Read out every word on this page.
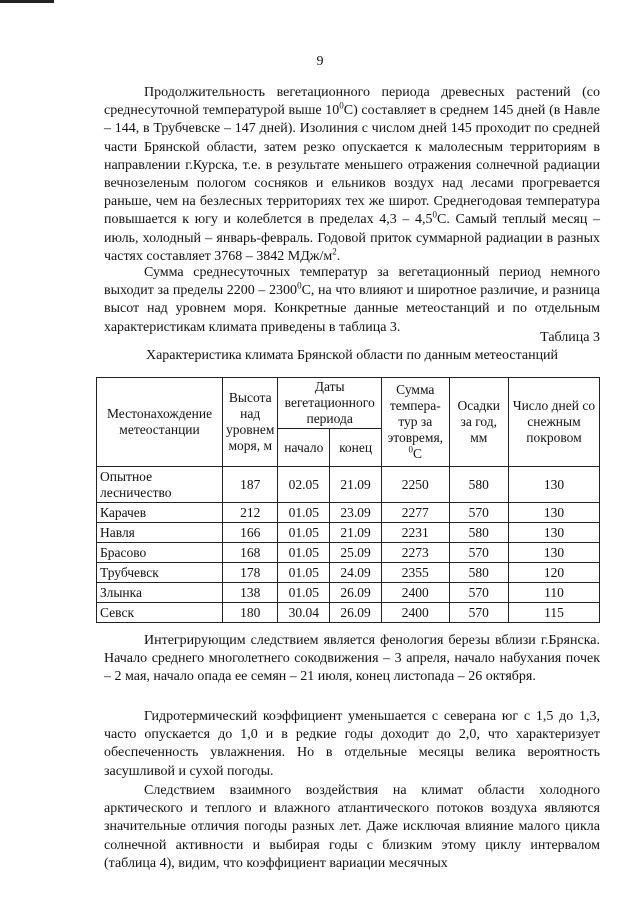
9

Продолжительность вегетационного периода древесных растений (со среднесуточной температурой выше $10^0С$) составляет в среднем 145 дней (в Навле – 144, в Трубчевске – 147 дней). Изолиния с числом дней 145 проходит по средней части Брянской области, затем резко опускается к малолесным территориям в направлении г.Курска, т.е. в результате меньшего отражения солнечной радиации вечнозеленым пологом сосняков и ельников воздух над лесами прогревается раньше, чем на безлесных территориях тех же широт. Среднегодовая температура повышается к югу и колеблется в пределах $4,3 - 4,5^0С$. Самый теплый месяц – июль, холодный – январь-февраль. Годовой приток суммарной радиации в разных частях составляет 3768 – 3842 МДж/$м^2$.

Сумма среднесуточных температур за вегетационный период немного выходит за пределы 2200 – 2300$^0$С, на что влияют и широтное различие, и разница высот над уровнем моря. Конкретные данные метеостанций и по отдельным характеристикам климата приведены в таблица 3.

Таблица 3
Характеристика климата Брянской области по данным метеостанций
Местонахождение метеостанции	Высота над уровнем моря, м	Даты вегетационного периода		Сумма темпера-тур за этовремя, $^0$С	Осадки за год, мм	Число дней со снежным покровом
		начало	конец			
Опытное лесничество	187	02.05	21.09	2250	580	130
Карачев	212	01.05	23.09	2277	570	130
Навля	166	01.05	21.09	2231	580	130
Брасово	168	01.05	25.09	2273	570	130
Трубчевск	178	01.05	24.09	2355	580	120
Злынка	138	01.05	26.09	2400	570	110
Севск	180	30.04	26.09	2400	570	115

Интегрирующим следствием является фенология березы вблизи г.Брянска. Начало среднего многолетнего сокодвижения – 3 апреля, начало набухания почек – 2 мая, начало опада ее семян – 21 июля, конец листопада – 26 октября.

Гидротермический коэффициент уменьшается с северана юг с 1,5 до 1,3, часто опускается до 1,0 и в редкие годы доходит до 2,0, что характеризует обеспеченность увлажнения. Но в отдельные месяцы велика вероятность засушливой и сухой погоды.

Следствием взаимного воздействия на климат области холодного арктического и теплого и влажного атлантического потоков воздуха являются значительные отличия погоды разных лет. Даже исключая влияние малого цикла солнечной активности и выбирая годы с близким этому циклу интервалом (таблица 4), видим, что коэффициент вариации месячных
